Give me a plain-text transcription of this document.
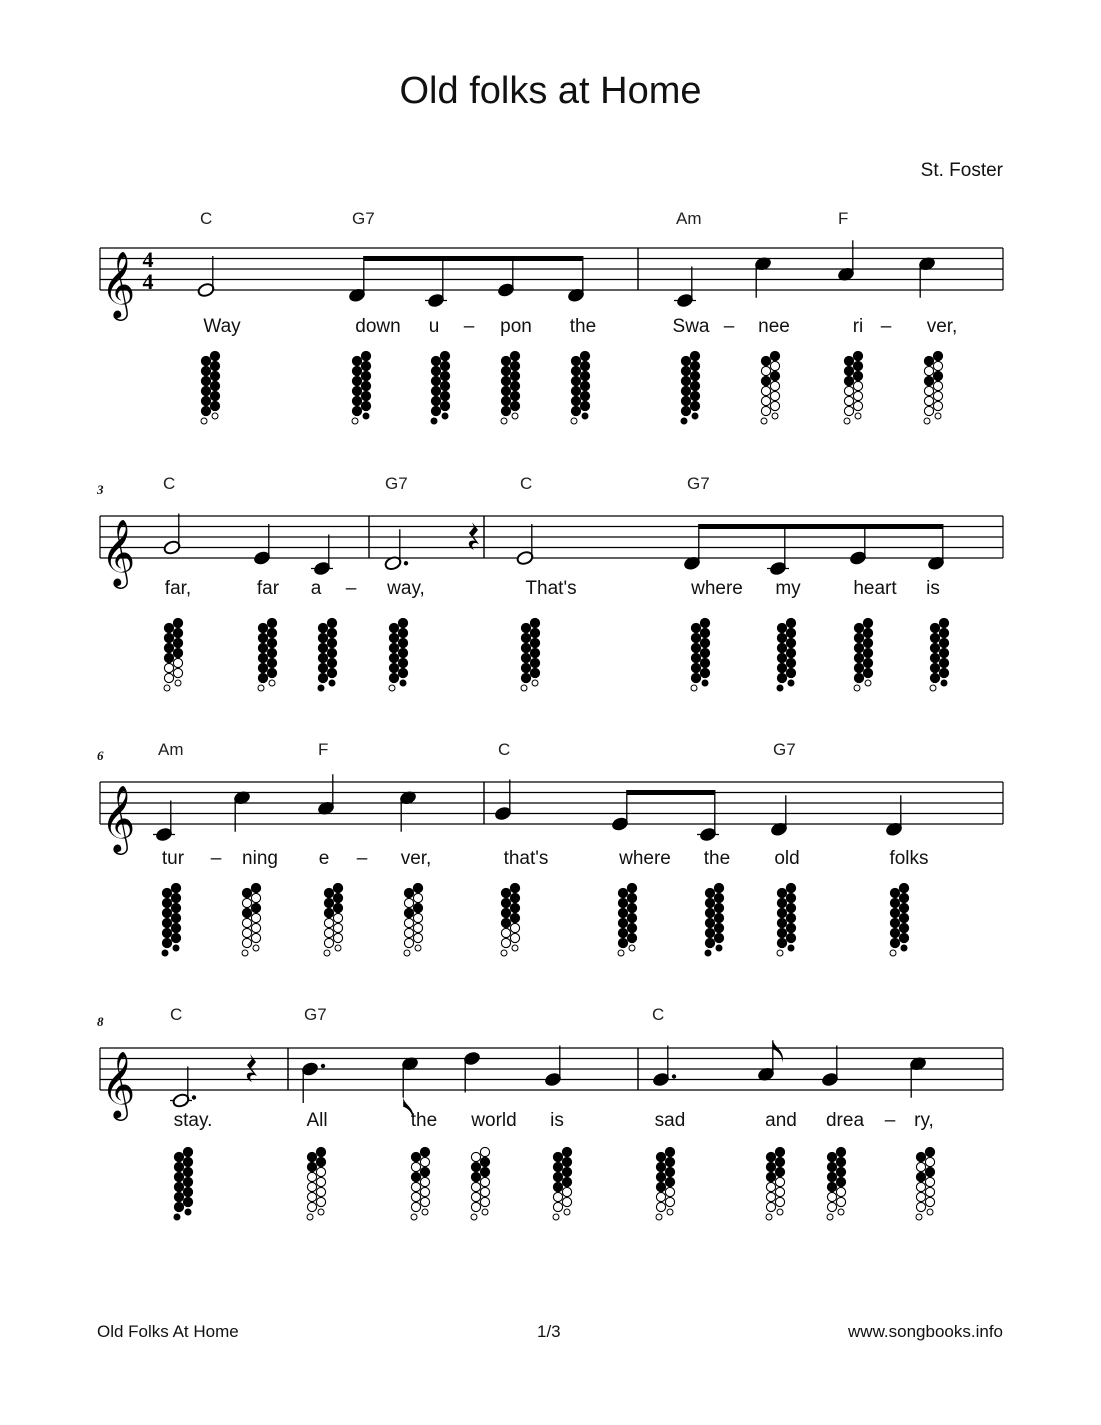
Old folks at Home
St. Foster
𝄞 4
4
C	G7	Am	F
Way	down u – pon the	Swa – nee	ri – ver,
𝄞
3	C	G7	C	G7
far,	far a – way,	That's	where my	heart is
𝄞
6	Am	F	C	G7
tur – ning e – ver,	that's	where the old	folks
𝄞
8	C	G7	C
stay.	All	the world is	sad	and drea – ry,
Old Folks At Home	1/3	www.songbooks.info
